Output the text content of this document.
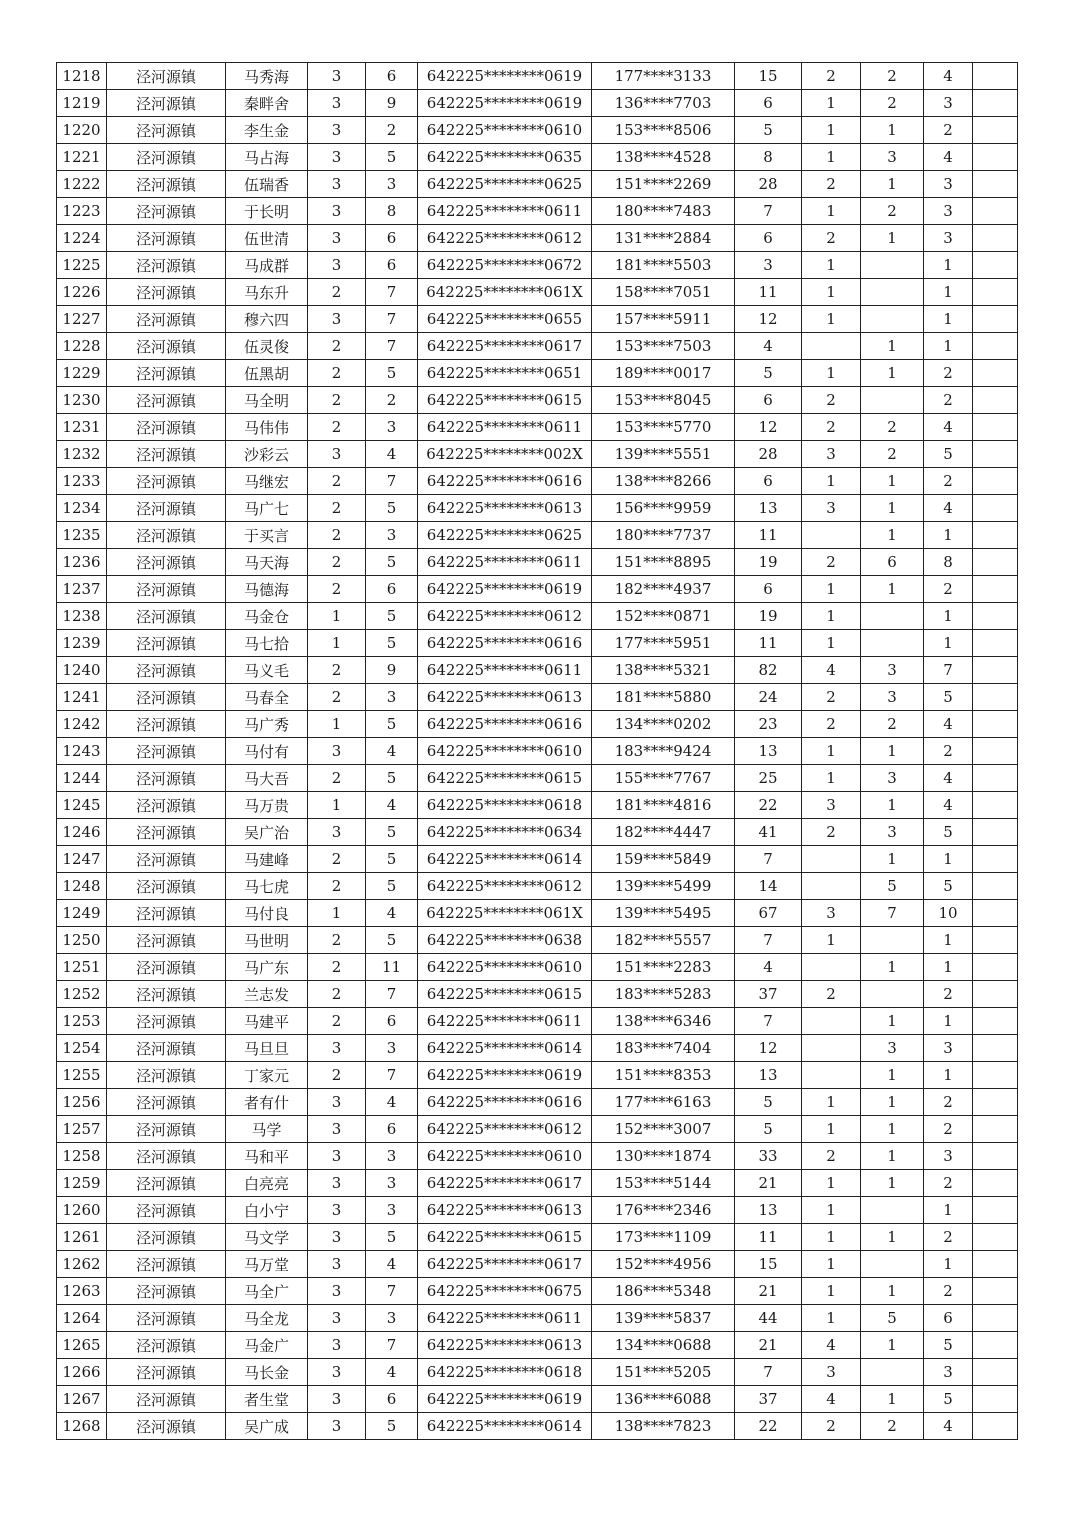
1218	泾河源镇	马秀海	3	6	642225********0619	177****3133	15	2	2	4	
1219	泾河源镇	秦畔舍	3	9	642225********0619	136****7703	6	1	2	3	
1220	泾河源镇	李生金	3	2	642225********0610	153****8506	5	1	1	2	
1221	泾河源镇	马占海	3	5	642225********0635	138****4528	8	1	3	4	
1222	泾河源镇	伍瑞香	3	3	642225********0625	151****2269	28	2	1	3	
1223	泾河源镇	于长明	3	8	642225********0611	180****7483	7	1	2	3	
1224	泾河源镇	伍世清	3	6	642225********0612	131****2884	6	2	1	3	
1225	泾河源镇	马成群	3	6	642225********0672	181****5503	3	1		1	
1226	泾河源镇	马东升	2	7	642225********061X	158****7051	11	1		1	
1227	泾河源镇	穆六四	3	7	642225********0655	157****5911	12	1		1	
1228	泾河源镇	伍灵俊	2	7	642225********0617	153****7503	4		1	1	
1229	泾河源镇	伍黑胡	2	5	642225********0651	189****0017	5	1	1	2	
1230	泾河源镇	马全明	2	2	642225********0615	153****8045	6	2		2	
1231	泾河源镇	马伟伟	2	3	642225********0611	153****5770	12	2	2	4	
1232	泾河源镇	沙彩云	3	4	642225********002X	139****5551	28	3	2	5	
1233	泾河源镇	马继宏	2	7	642225********0616	138****8266	6	1	1	2	
1234	泾河源镇	马广七	2	5	642225********0613	156****9959	13	3	1	4	
1235	泾河源镇	于买言	2	3	642225********0625	180****7737	11		1	1	
1236	泾河源镇	马天海	2	5	642225********0611	151****8895	19	2	6	8	
1237	泾河源镇	马德海	2	6	642225********0619	182****4937	6	1	1	2	
1238	泾河源镇	马金仓	1	5	642225********0612	152****0871	19	1		1	
1239	泾河源镇	马七拾	1	5	642225********0616	177****5951	11	1		1	
1240	泾河源镇	马义毛	2	9	642225********0611	138****5321	82	4	3	7	
1241	泾河源镇	马春全	2	3	642225********0613	181****5880	24	2	3	5	
1242	泾河源镇	马广秀	1	5	642225********0616	134****0202	23	2	2	4	
1243	泾河源镇	马付有	3	4	642225********0610	183****9424	13	1	1	2	
1244	泾河源镇	马大吾	2	5	642225********0615	155****7767	25	1	3	4	
1245	泾河源镇	马万贵	1	4	642225********0618	181****4816	22	3	1	4	
1246	泾河源镇	吴广治	3	5	642225********0634	182****4447	41	2	3	5	
1247	泾河源镇	马建峰	2	5	642225********0614	159****5849	7		1	1	
1248	泾河源镇	马七虎	2	5	642225********0612	139****5499	14		5	5	
1249	泾河源镇	马付良	1	4	642225********061X	139****5495	67	3	7	10	
1250	泾河源镇	马世明	2	5	642225********0638	182****5557	7	1		1	
1251	泾河源镇	马广东	2	11	642225********0610	151****2283	4		1	1	
1252	泾河源镇	兰志发	2	7	642225********0615	183****5283	37	2		2	
1253	泾河源镇	马建平	2	6	642225********0611	138****6346	7		1	1	
1254	泾河源镇	马旦旦	3	3	642225********0614	183****7404	12		3	3	
1255	泾河源镇	丁家元	2	7	642225********0619	151****8353	13		1	1	
1256	泾河源镇	者有什	3	4	642225********0616	177****6163	5	1	1	2	
1257	泾河源镇	马学	3	6	642225********0612	152****3007	5	1	1	2	
1258	泾河源镇	马和平	3	3	642225********0610	130****1874	33	2	1	3	
1259	泾河源镇	白亮亮	3	3	642225********0617	153****5144	21	1	1	2	
1260	泾河源镇	白小宁	3	3	642225********0613	176****2346	13	1		1	
1261	泾河源镇	马文学	3	5	642225********0615	173****1109	11	1	1	2	
1262	泾河源镇	马万堂	3	4	642225********0617	152****4956	15	1		1	
1263	泾河源镇	马全广	3	7	642225********0675	186****5348	21	1	1	2	
1264	泾河源镇	马全龙	3	3	642225********0611	139****5837	44	1	5	6	
1265	泾河源镇	马金广	3	7	642225********0613	134****0688	21	4	1	5	
1266	泾河源镇	马长金	3	4	642225********0618	151****5205	7	3		3	
1267	泾河源镇	者生堂	3	6	642225********0619	136****6088	37	4	1	5	
1268	泾河源镇	吴广成	3	5	642225********0614	138****7823	22	2	2	4	
